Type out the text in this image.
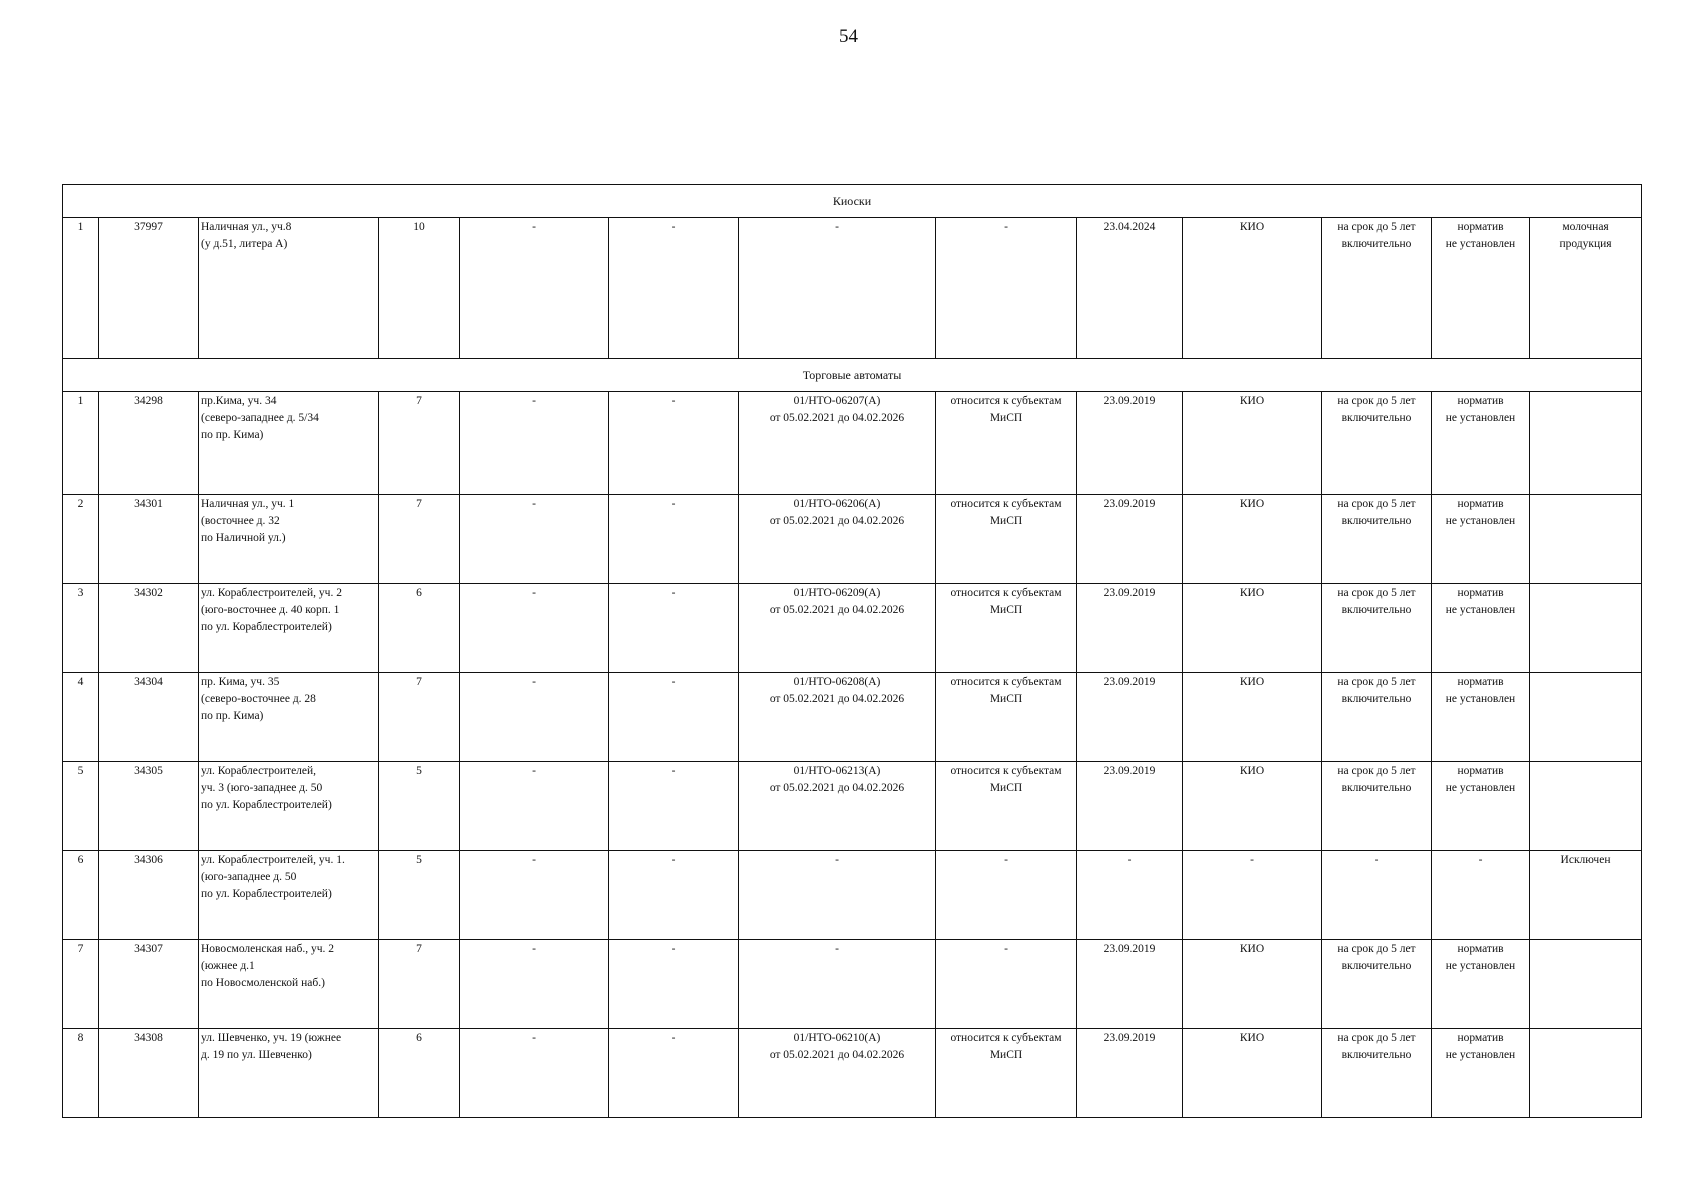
54
Киоски												
1	37997	Наличная ул., уч.8
(у д.51, литера А)	10	-	-	-	-	23.04.2024	КИО	на срок до 5 лет
включительно	норматив
не установлен	молочная
продукция
Торговые автоматы												
1	34298	пр.Кима, уч. 34
(северо-западнее д. 5/34
по пр. Кима)	7	-	-	01/НТО-06207(А)
от 05.02.2021 до 04.02.2026	относится к субъектам
МиСП	23.09.2019	КИО	на срок до 5 лет
включительно	норматив
не установлен	
2	34301	Наличная ул., уч. 1
(восточнее д. 32
по Наличной ул.)	7	-	-	01/НТО-06206(А)
от 05.02.2021 до 04.02.2026	относится к субъектам
МиСП	23.09.2019	КИО	на срок до 5 лет
включительно	норматив
не установлен	
3	34302	ул. Кораблестроителей, уч. 2
(юго-восточнее д. 40 корп. 1
по ул. Кораблестроителей)	6	-	-	01/НТО-06209(А)
от 05.02.2021 до 04.02.2026	относится к субъектам
МиСП	23.09.2019	КИО	на срок до 5 лет
включительно	норматив
не установлен	
4	34304	пр. Кима, уч. 35
(северо-восточнее д. 28
по пр. Кима)	7	-	-	01/НТО-06208(А)
от 05.02.2021 до 04.02.2026	относится к субъектам
МиСП	23.09.2019	КИО	на срок до 5 лет
включительно	норматив
не установлен	
5	34305	ул. Кораблестроителей,
уч. 3 (юго-западнее д. 50
по ул. Кораблестроителей)	5	-	-	01/НТО-06213(А)
от 05.02.2021 до 04.02.2026	относится к субъектам
МиСП	23.09.2019	КИО	на срок до 5 лет
включительно	норматив
не установлен	
6	34306	ул. Кораблестроителей, уч. 1.
(юго-западнее д. 50
по ул. Кораблестроителей)	5	-	-	-	-	-	-	-	-	Исключен
7	34307	Новосмоленская наб., уч. 2
(южнее д.1
по Новосмоленской наб.)	7	-	-	-	-	23.09.2019	КИО	на срок до 5 лет
включительно	норматив
не установлен	
8	34308	ул. Шевченко, уч. 19 (южнее
д. 19 по ул. Шевченко)	6	-	-	01/НТО-06210(А)
от 05.02.2021 до 04.02.2026	относится к субъектам
МиСП	23.09.2019	КИО	на срок до 5 лет
включительно	норматив
не установлен	
